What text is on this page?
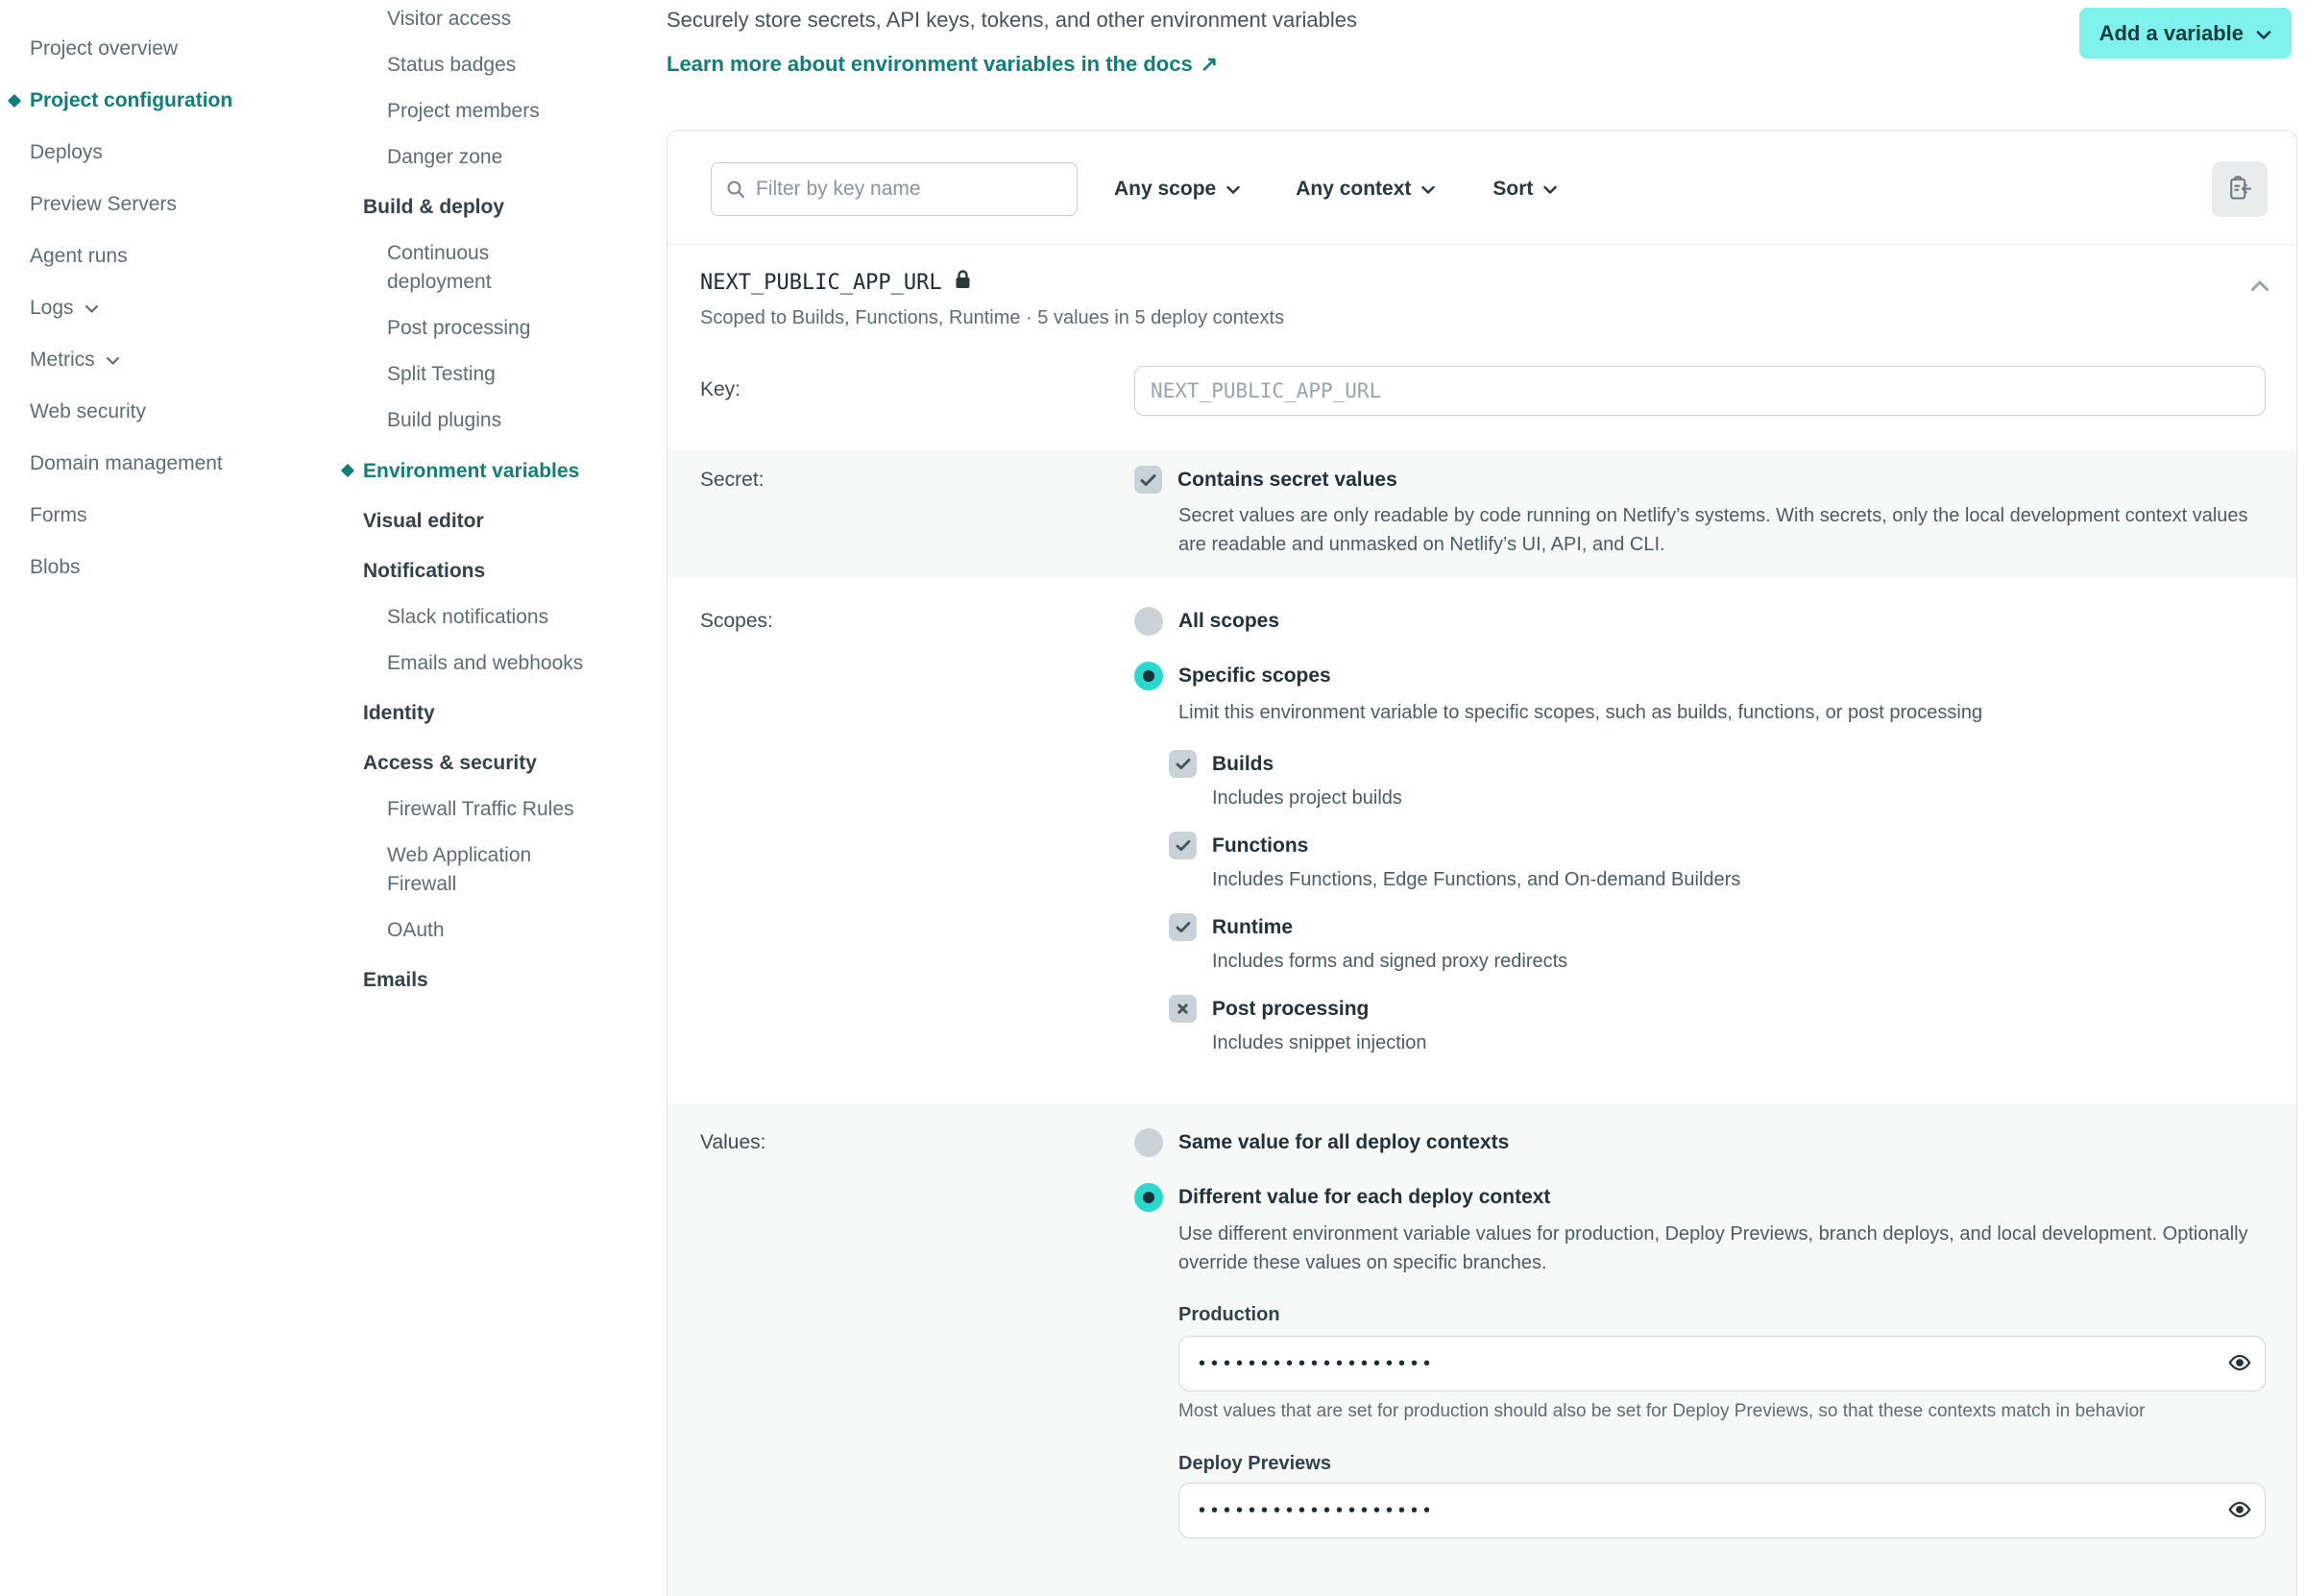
Project overview
Project configuration
Deploys
Preview Servers
Agent runs
Logs
Metrics
Web security
Domain management
Forms
Blobs
Visitor access
Status badges
Project members
Danger zone
Build & deploy
Continuous deployment
Post processing
Split Testing
Build plugins
Environment variables
Visual editor
Notifications
Slack notifications
Emails and webhooks
Identity
Access & security
Firewall Traffic Rules
Web Application Firewall
OAuth
Emails
Securely store secrets, API keys, tokens, and other environment variables
Learn more about environment variables in the docs ↗
Add a variable
Filter by key name
Any scope	Any context	Sort
NEXT_PUBLIC_APP_URL
Scoped to Builds, Functions, Runtime · 5 values in 5 deploy contexts
Key:
NEXT_PUBLIC_APP_URL
Secret:	Contains secret values
Secret values are only readable by code running on Netlify’s systems. With secrets, only the local development context values are readable and unmasked on Netlify’s UI, API, and CLI.
Scopes:	All scopes
Specific scopes
Limit this environment variable to specific scopes, such as builds, functions, or post processing
Builds
Includes project builds
Functions
Includes Functions, Edge Functions, and On-demand Builders
Runtime
Includes forms and signed proxy redirects
Post processing
Includes snippet injection
Values:	Same value for all deploy contexts
Different value for each deploy context
Use different environment variable values for production, Deploy Previews, branch deploys, and local development. Optionally override these values on specific branches.
Production
•••••••••••••••••••
Most values that are set for production should also be set for Deploy Previews, so that these contexts match in behavior
Deploy Previews
•••••••••••••••••••
